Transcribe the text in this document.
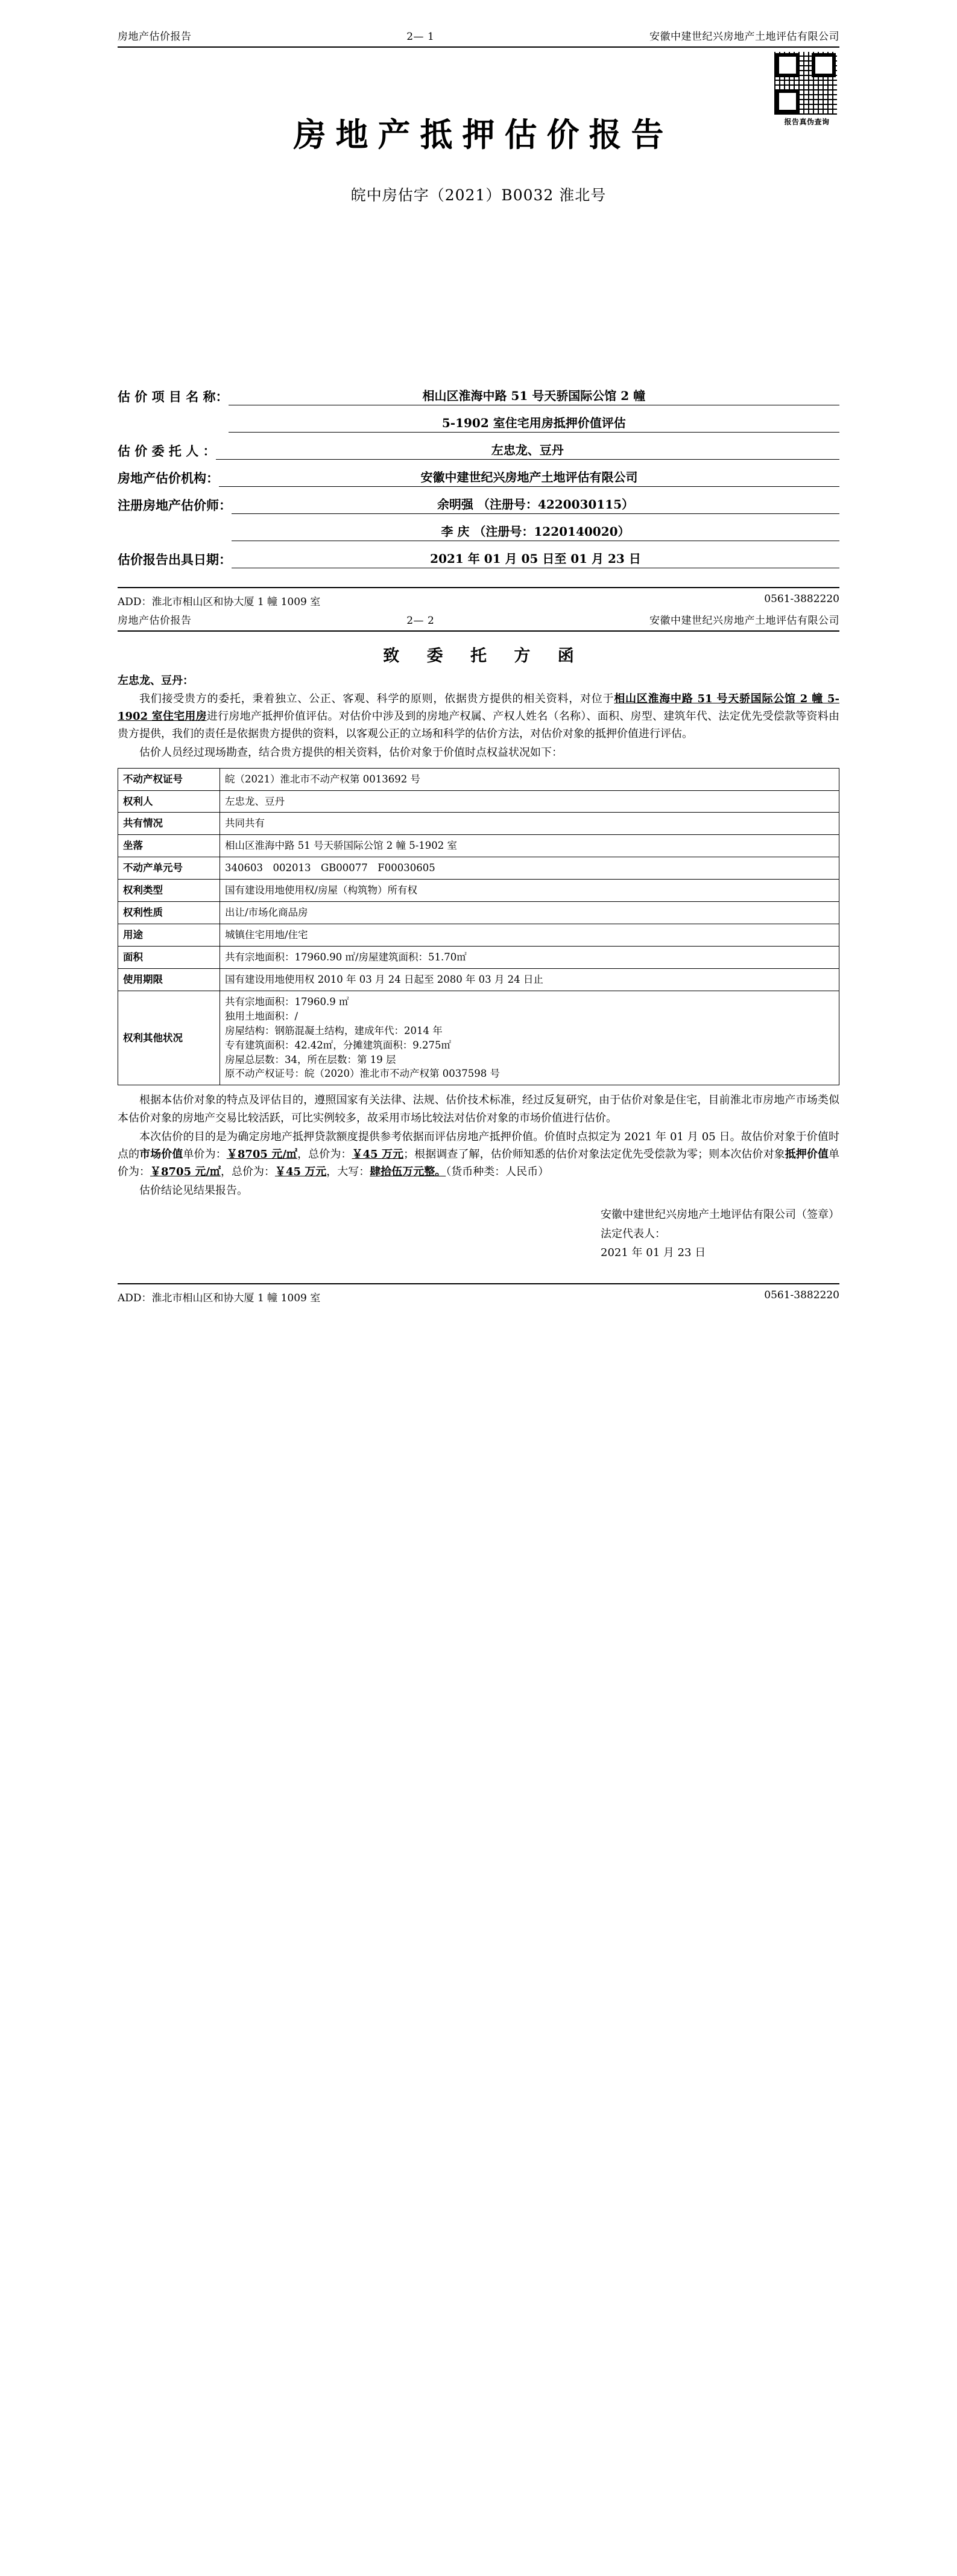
房地产估价报告	2— 1	安徽中建世纪兴房地产土地评估有限公司
报告真伪查询
房地产抵押估价报告
皖中房估字（2021）B0032 淮北号
估 价 项 目 名 称：	相山区淮海中路 51 号天骄国际公馆 2 幢
5-1902 室住宅用房抵押价值评估
估 价 委 托 人 ：	左忠龙、豆丹
房地产估价机构：	安徽中建世纪兴房地产土地评估有限公司
注册房地产估价师：	余明强 （注册号：4220030115）
李 庆 （注册号：1220140020）
估价报告出具日期：	2021 年 01 月 05 日至 01 月 23 日
ADD：淮北市相山区和协大厦 1 幢 1009 室	0561-3882220
房地产估价报告	2— 2	安徽中建世纪兴房地产土地评估有限公司
致 委 托 方 函
左忠龙、豆丹：

我们接受贵方的委托，秉着独立、公正、客观、科学的原则，依据贵方提供的相关资料，对位于相山区淮海中路 51 号天骄国际公馆 2 幢 5-1902 室住宅用房进行房地产抵押价值评估。对估价中涉及到的房地产权属、产权人姓名（名称）、面积、房型、建筑年代、法定优先受偿款等资料由贵方提供，我们的责任是依据贵方提供的资料，以客观公正的立场和科学的估价方法，对估价对象的抵押价值进行评估。

估价人员经过现场勘查，结合贵方提供的相关资料，估价对象于价值时点权益状况如下：

不动产权证号	皖（2021）淮北市不动产权第 0013692 号
权利人	左忠龙、豆丹
共有情况	共同共有
坐落	相山区淮海中路 51 号天骄国际公馆 2 幢 5-1902 室
不动产单元号	340603　002013　GB00077　F00030605
权利类型	国有建设用地使用权/房屋（构筑物）所有权
权利性质	出让/市场化商品房
用途	城镇住宅用地/住宅
面积	共有宗地面积：17960.90 ㎡/房屋建筑面积：51.70㎡
使用期限	国有建设用地使用权 2010 年 03 月 24 日起至 2080 年 03 月 24 日止
权利其他状况	
共有宗地面积：17960.9 ㎡
独用土地面积：/
房屋结构：钢筋混凝土结构，建成年代：2014 年
专有建筑面积：42.42㎡，分摊建筑面积：9.275㎡
房屋总层数：34，所在层数：第 19 层
原不动产权证号：皖（2020）淮北市不动产权第 0037598 号

根据本估价对象的特点及评估目的，遵照国家有关法律、法规、估价技术标准，经过反复研究，由于估价对象是住宅，目前淮北市房地产市场类似本估价对象的房地产交易比较活跃，可比实例较多，故采用市场比较法对估价对象的市场价值进行估价。

本次估价的目的是为确定房地产抵押贷款额度提供参考依据而评估房地产抵押价值。价值时点拟定为 2021 年 01 月 05 日。故估价对象于价值时点的市场价值单价为：￥8705 元/㎡，总价为：￥45 万元；根据调查了解，估价师知悉的估价对象法定优先受偿款为零；则本次估价对象抵押价值单价为：￥8705 元/㎡，总价为：￥45 万元，大写：肆拾伍万元整。（货币种类：人民币）

估价结论见结果报告。

安徽中建世纪兴房地产土地评估有限公司（签章）
法定代表人：
2021 年 01 月 23 日
ADD：淮北市相山区和协大厦 1 幢 1009 室	0561-3882220
